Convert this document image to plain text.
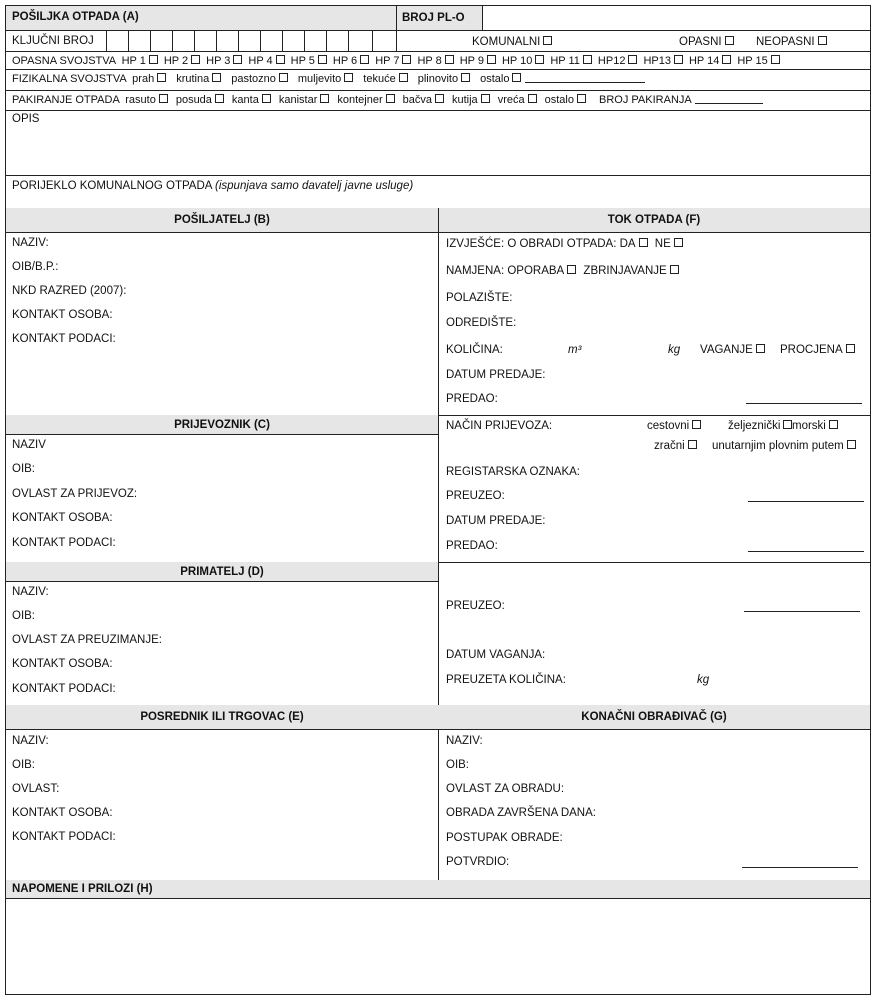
POŠILJKA OTPADA (A)	BROJ PL-O
KLJUČNI BROJ	KOMUNALNI	OPASNI	NEOPASNI
OPASNA SVOJSTVA HP 1 HP 2 HP 3 HP 4 HP 5 HP 6 HP 7 HP 8 HP 9 HP 10 HP 11 HP12 HP13 HP 14 HP 15
FIZIKALNA SVOJSTVA prah krutina pastozno muljevito tekuće plinovito ostalo
PAKIRANJE OTPADA rasuto posuda kanta kanistar kontejner bačva kutija vreća ostalo BROJ PAKIRANJA
OPIS
PORIJEKLO KOMUNALNOG OTPADA (ispunjava samo davatelj javne usluge)
POŠILJATELJ (B)	TOK OTPADA (F)
NAZIV:
OIB/B.P.:
NKD RAZRED (2007):
KONTAKT OSOBA:
KONTAKT PODACI:
IZVJEŠĆE: O OBRADI OTPADA: DA NE
NAMJENA: OPORABA ZBRINJAVANJE
POLAZIŠTE:
ODREDIŠTE:
KOLIČINA:	m³	kg VAGANJE	PROCJENA
DATUM PREDAJE:
PREDAO:
PRIJEVOZNIK (C)
NAZIV
OIB:
OVLAST ZA PRIJEVOZ:
KONTAKT OSOBA:
KONTAKT PODACI:
NAČIN PRIJEVOZA:	cestovni	željeznički	morski
zračni	unutarnjim plovnim putem
REGISTARSKA OZNAKA:
PREUZEO:
DATUM PREDAJE:
PREDAO:
PRIMATELJ (D)
NAZIV:
OIB:
OVLAST ZA PREUZIMANJE:
KONTAKT OSOBA:
KONTAKT PODACI:
PREUZEO:
DATUM VAGANJA:
PREUZETA KOLIČINA:	kg
POSREDNIK ILI TRGOVAC (E)	KONAČNI OBRAĐIVAČ (G)
NAZIV:
OIB:
OVLAST:
KONTAKT OSOBA:
KONTAKT PODACI:
NAZIV:
OIB:
OVLAST ZA OBRADU:
OBRADA ZAVRŠENA DANA:
POSTUPAK OBRADE:
POTVRDIO:
NAPOMENE I PRILOZI (H)
